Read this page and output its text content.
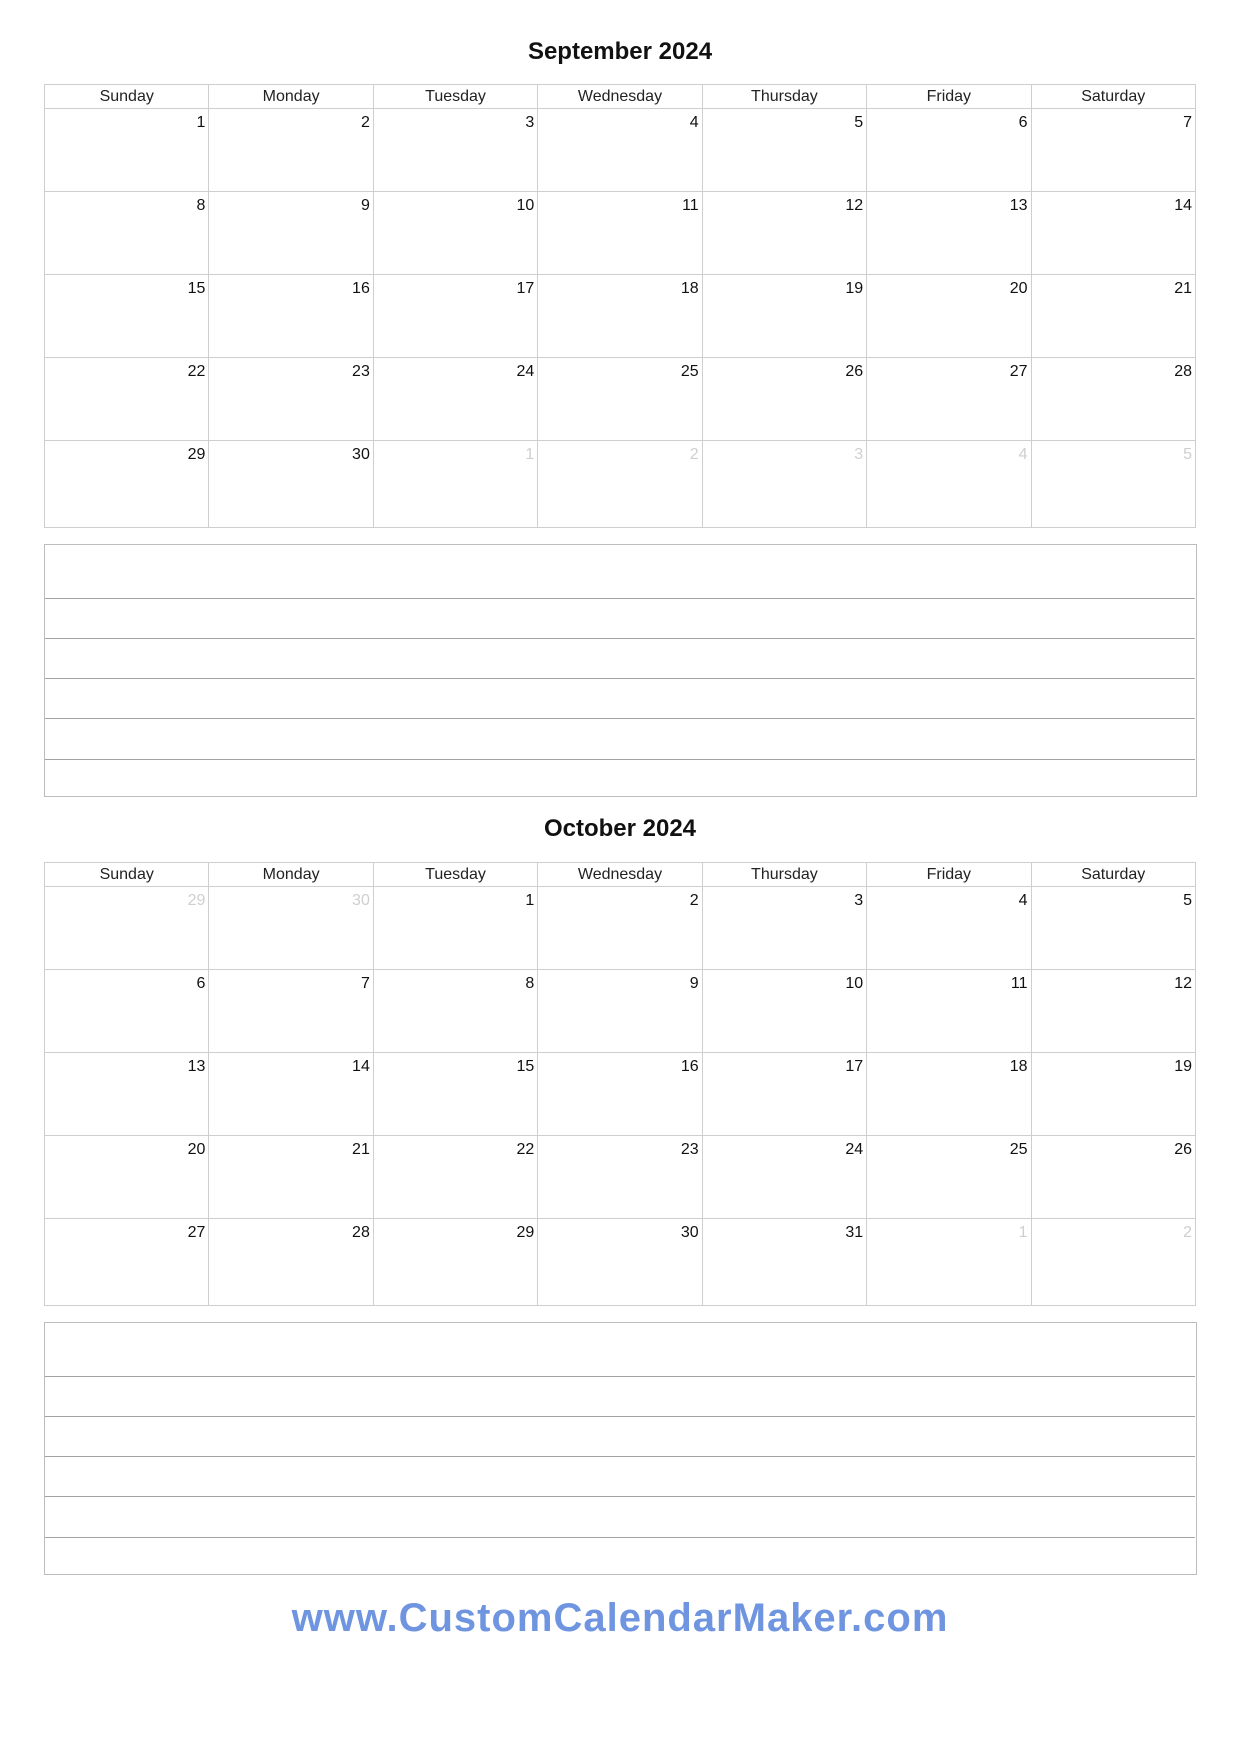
September 2024
Sunday	Monday	Tuesday	Wednesday	Thursday	Friday	Saturday
1	2	3	4	5	6	7
8	9	10	11	12	13	14
15	16	17	18	19	20	21
22	23	24	25	26	27	28
29	30	1	2	3	4	5
October 2024
Sunday	Monday	Tuesday	Wednesday	Thursday	Friday	Saturday
29	30	1	2	3	4	5
6	7	8	9	10	11	12
13	14	15	16	17	18	19
20	21	22	23	24	25	26
27	28	29	30	31	1	2
www.CustomCalendarMaker.com
